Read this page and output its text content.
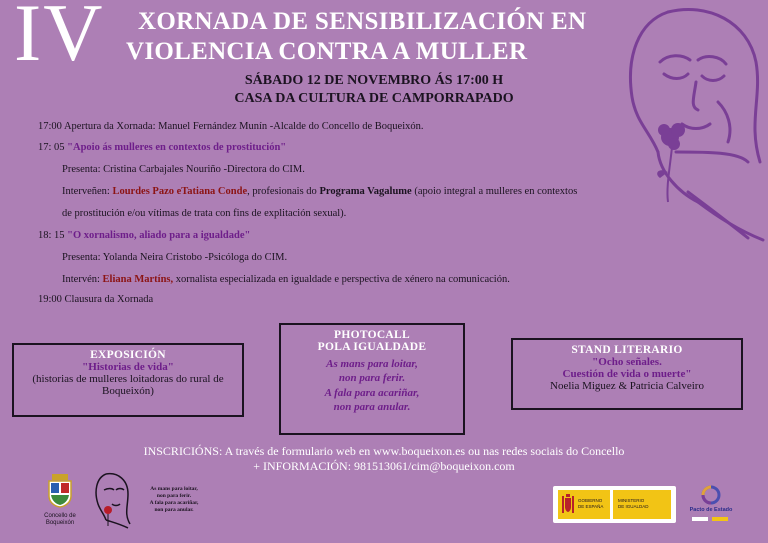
IV XORNADA DE SENSIBILIZACIÓN EN
VIOLENCIA CONTRA A MULLER
SÁBADO 12 DE NOVEMBRO ÁS 17:00 H
CASA DA CULTURA DE CAMPORRAPADO
17:00 Apertura da Xornada: Manuel Fernández Munín -Alcalde do Concello de Boqueixón.
17: 05 "Apoio ás mulleres en contextos de prostitución"
Presenta: Cristina Carbajales Nouriño -Directora do CIM.
Interveñen: Lourdes Pazo eTatiana Conde, profesionais do Programa Vagalume (apoio integral a mulleres en contextos
de prostitución e/ou vítimas de trata con fins de explitación sexual).
18: 15 "O xornalismo, aliado para a igualdade"
Presenta: Yolanda Neira Cristobo -Psicóloga do CIM.
Intervén: Eliana Martíns, xornalista especializada en igualdade e perspectiva de xénero na comunicación.
19:00 Clausura da Xornada
EXPOSICIÓN
"Historias de vida"
(historias de mulleres loitadoras do rural de
Boqueixón)
PHOTOCALL
POLA IGUALDADE
As mans para loitar,
non para ferir.
A fala para acariñar,
non para anular.
STAND LITERARIO
"Ocho señales.
Cuestión de vida o muerte"
Noelia Miguez & Patricia Calveiro
INSCRICIÓNS: A través de formulario web en www.boqueixon.es ou nas redes sociais do Concello
+ INFORMACIÓN: 981513061/cim@boqueixon.com
Concello de
Boqueixón
As mans para loitar,
non para ferir.
A fala para acariñar,
non para anular.
GOBIERNO
DE ESPAÑA
MINISTERIO
DE IGUALDAD
Pacto de Estado
